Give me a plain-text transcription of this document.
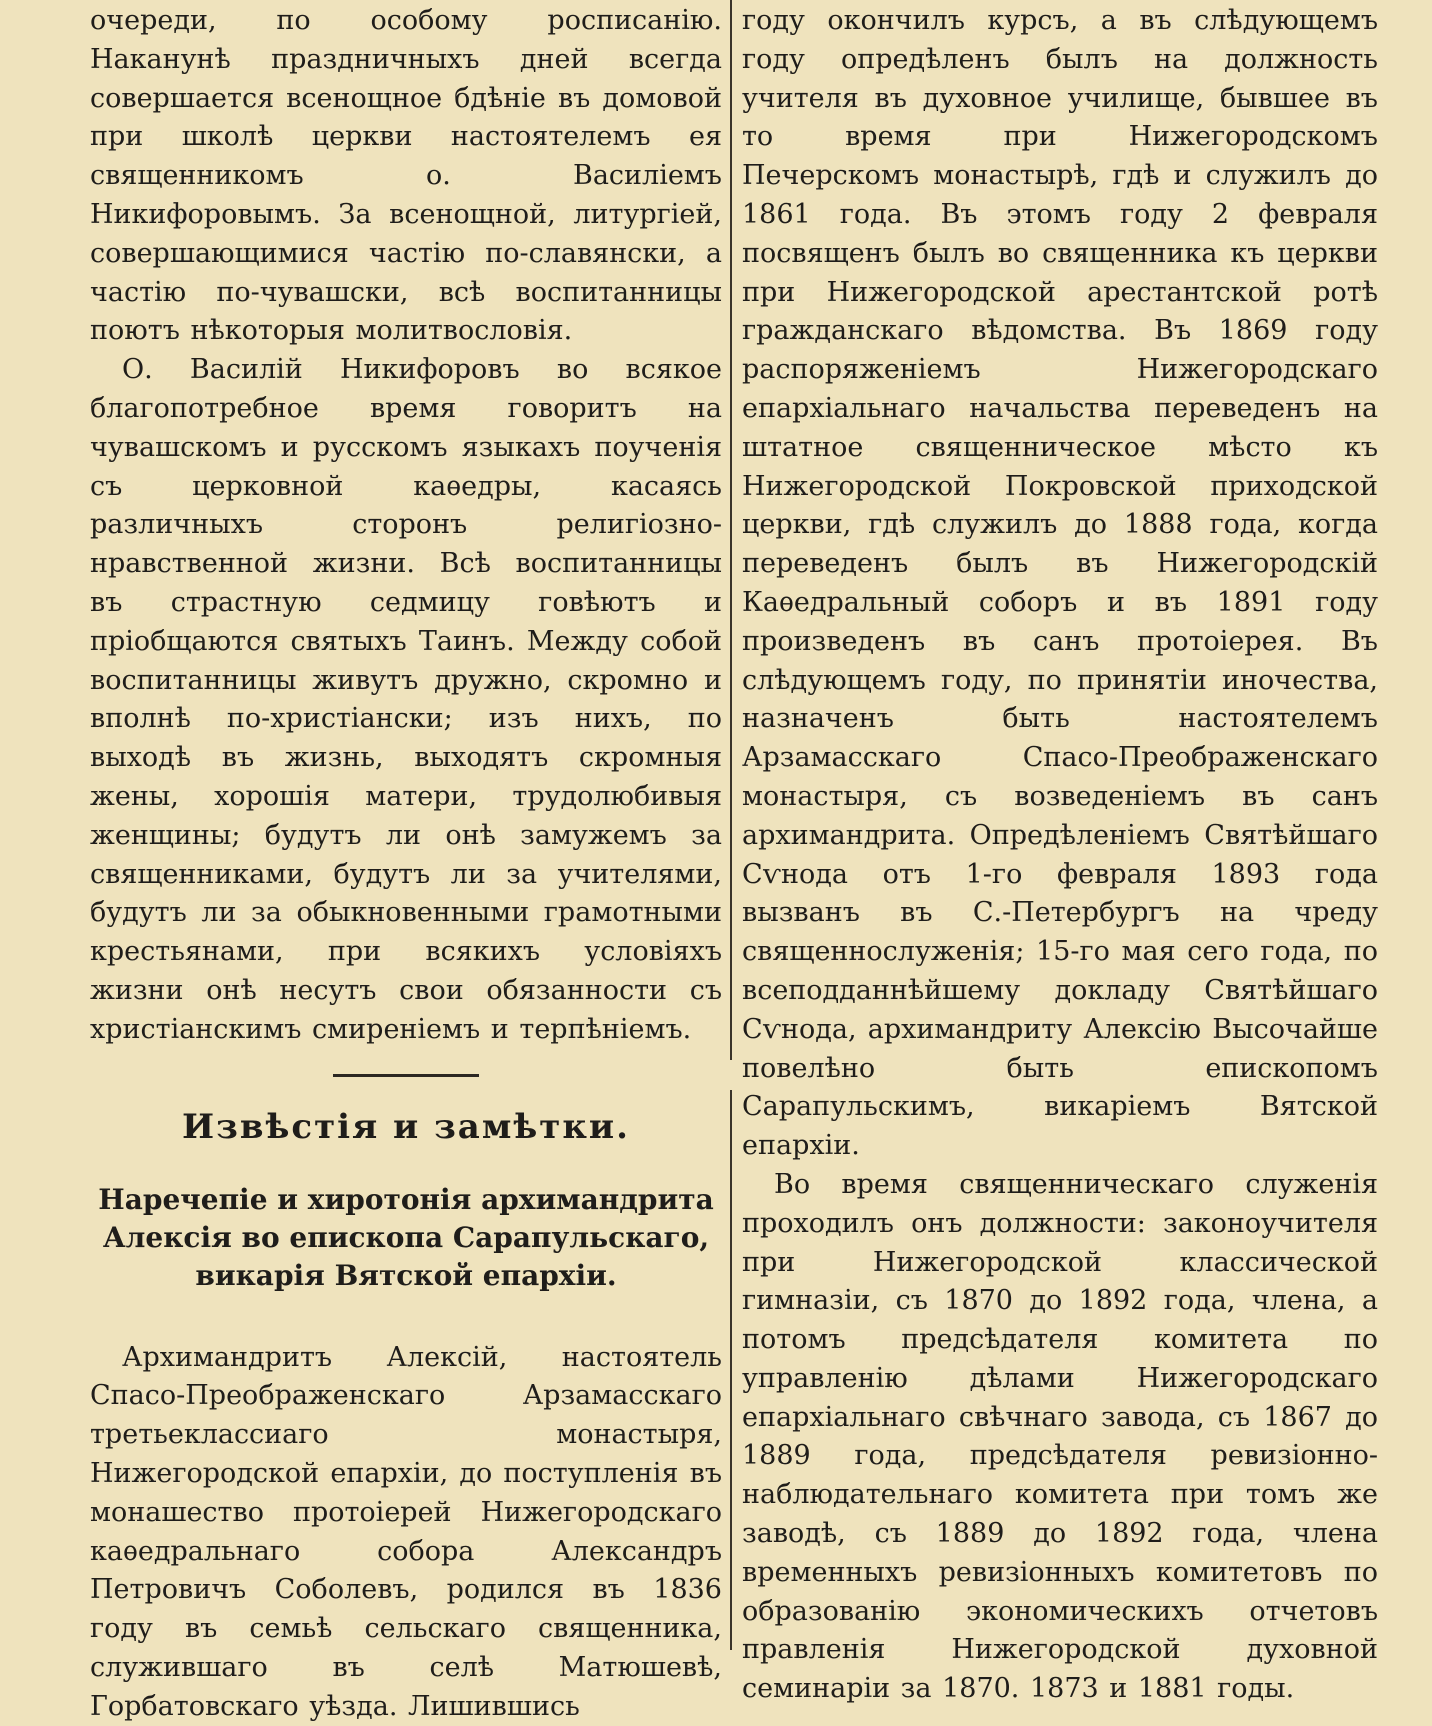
очереди, по особому росписанію. Наканунѣ праздничныхъ дней всегда совершается всенощное бдѣніе въ домовой при школѣ церкви настоятелемъ ея священникомъ о. Василіемъ Никифоровымъ. За всенощной, литургіей, совершающимися частію по-славянски, а частію по-чувашски, всѣ воспитанницы поютъ нѣкоторыя молитвословія.

О. Василій Никифоровъ во всякое благопотребное время говоритъ на чувашскомъ и русскомъ языкахъ поученія съ церковной каѳедры, касаясь различныхъ сторонъ религіозно-нравственной жизни. Всѣ воспитанницы въ страстную седмицу говѣютъ и пріобщаются святыхъ Таинъ. Между собой воспитанницы живутъ дружно, скромно и вполнѣ по-христіански; изъ нихъ, по выходѣ въ жизнь, выходятъ скромныя жены, хорошія матери, трудолюбивыя женщины; будутъ ли онѣ замужемъ за священниками, будутъ ли за учителями, будутъ ли за обыкновенными грамотными крестьянами, при всякихъ условіяхъ жизни онѣ несутъ свои обязанности съ христіанскимъ смиреніемъ и терпѣніемъ.

Извѣстія и замѣтки.
Наречепіе и хиротонія архимандрита Алексія во епископа Сарапульскаго, викарія Вятской епархіи.

Архимандритъ Алексій, настоятель Спасо-Преображенскаго Арзамасскаго третьеклассиаго монастыря, Нижегородской епархіи, до поступленія въ монашество протоіерей Нижегородскаго каѳедральнаго собора Александръ Петровичъ Соболевъ, родился въ 1836 году въ семьѣ сельскаго священника, служившаго въ селѣ Матюшевѣ, Горбатовскаго уѣзда. Лишившись

году окончилъ курсъ, а въ слѣдующемъ году опредѣленъ былъ на должность учителя въ духовное училище, бывшее въ то время при Нижегородскомъ Печерскомъ монастырѣ, гдѣ и служилъ до 1861 года. Въ этомъ году 2 февраля посвященъ былъ во священника къ церкви при Нижегородской арестантской ротѣ гражданскаго вѣдомства. Въ 1869 году распоряженіемъ Нижегородскаго епархіальнаго начальства переведенъ на штатное священническое мѣсто къ Нижегородской Покровской приходской церкви, гдѣ служилъ до 1888 года, когда переведенъ былъ въ Нижегородскій Каѳедральный соборъ и въ 1891 году произведенъ въ санъ протоіерея. Въ слѣдующемъ году, по принятіи иночества, назначенъ быть настоятелемъ Арзамасскаго Спасо-Преображенскаго монастыря, съ возведеніемъ въ санъ архимандрита. Опредѣленіемъ Святѣйшаго Сѵнода отъ 1-го февраля 1893 года вызванъ въ С.-Петербургъ на чреду священнослуженія; 15-го мая сего года, по всеподданнѣйшему докладу Святѣйшаго Сѵнода, архимандриту Алексію Высочайше повелѣно быть епископомъ Сарапульскимъ, викаріемъ Вятской епархіи.

Во время священническаго служенія проходилъ онъ должности: законоучителя при Нижегородской классической гимназіи, съ 1870 до 1892 года, члена, а потомъ предсѣдателя комитета по управленію дѣлами Нижегородскаго епархіальнаго свѣчнаго завода, съ 1867 до 1889 года, предсѣдателя ревизіонно-наблюдательнаго комитета при томъ же заводѣ, съ 1889 до 1892 года, члена временныхъ ревизіонныхъ комитетовъ по образованію экономическихъ отчетовъ правленія Нижегородской духовной семинаріи за 1870. 1873 и 1881 годы.
